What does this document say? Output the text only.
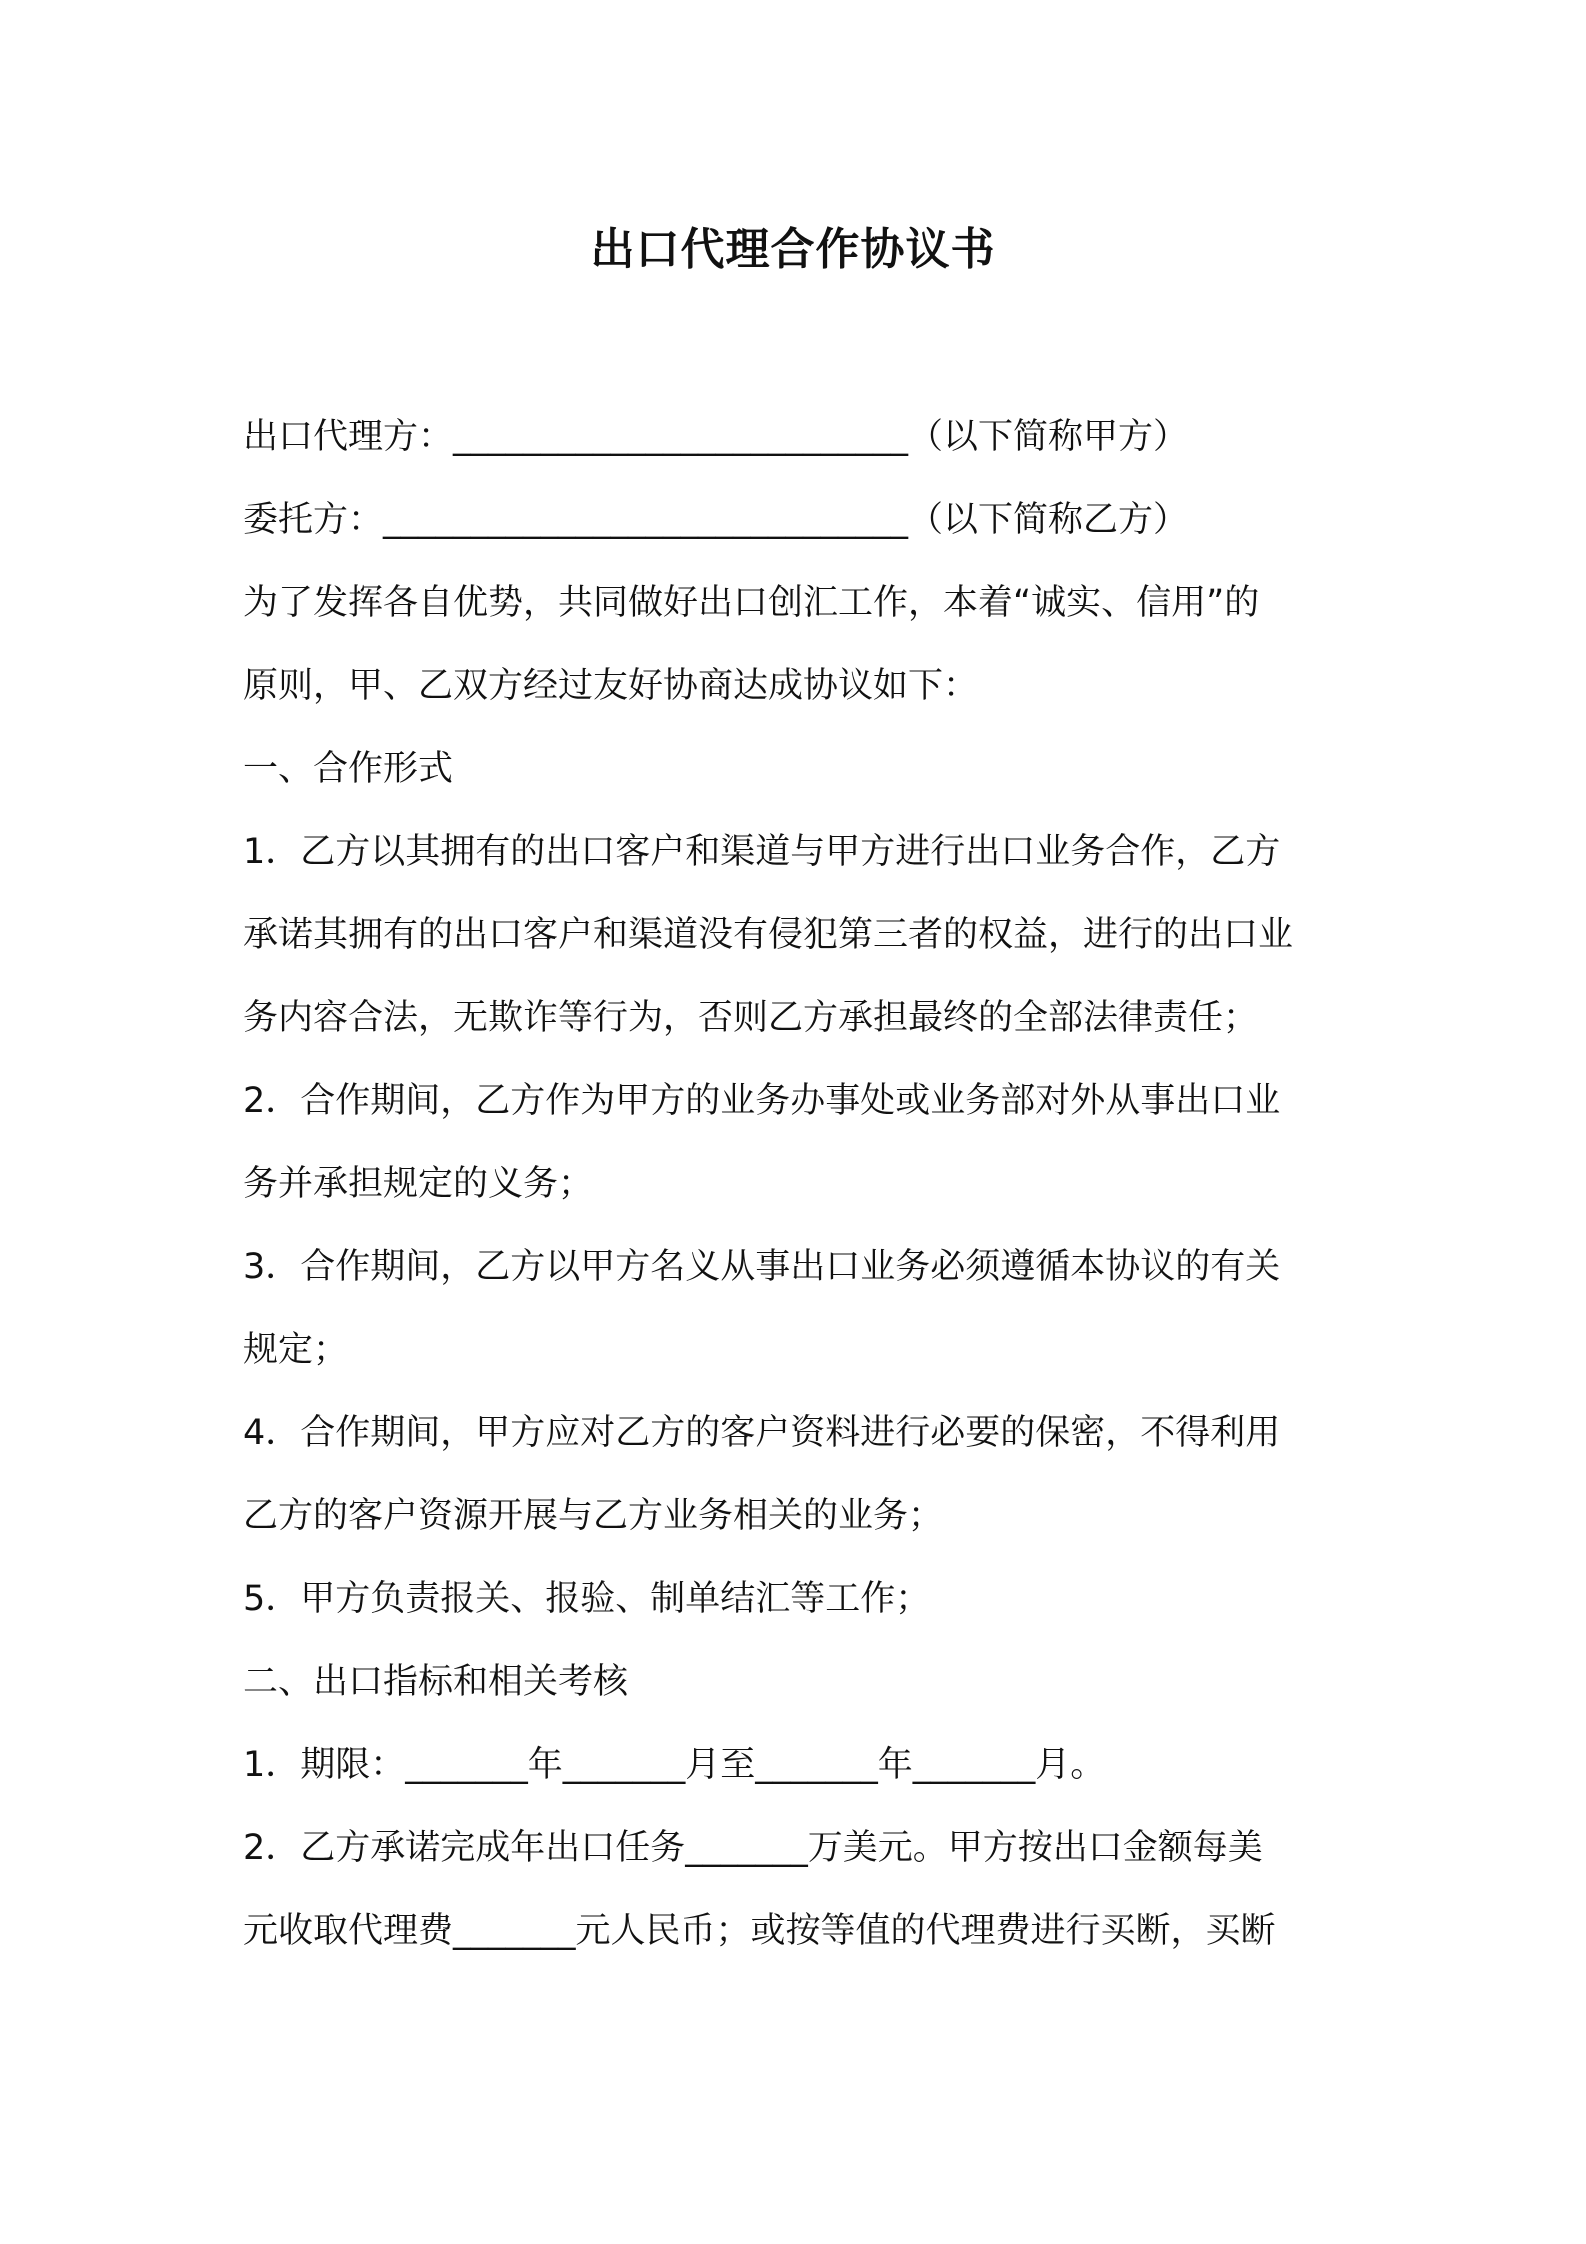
出口代理合作协议书
出口代理方：__________________________（以下简称甲方）
委托方：______________________________（以下简称乙方）
为了发挥各自优势，共同做好出口创汇工作，本着“诚实、信用”的
原则，甲、乙双方经过友好协商达成协议如下：
一、合作形式
1．乙方以其拥有的出口客户和渠道与甲方进行出口业务合作，乙方
承诺其拥有的出口客户和渠道没有侵犯第三者的权益，进行的出口业
务内容合法，无欺诈等行为，否则乙方承担最终的全部法律责任；
2．合作期间，乙方作为甲方的业务办事处或业务部对外从事出口业
务并承担规定的义务；
3．合作期间，乙方以甲方名义从事出口业务必须遵循本协议的有关
规定；
4．合作期间，甲方应对乙方的客户资料进行必要的保密，不得利用
乙方的客户资源开展与乙方业务相关的业务；
5．甲方负责报关、报验、制单结汇等工作；
二、出口指标和相关考核
1．期限：_______年_______月至_______年_______月。
2．乙方承诺完成年出口任务_______万美元。甲方按出口金额每美
元收取代理费_______元人民币；或按等值的代理费进行买断，买断
